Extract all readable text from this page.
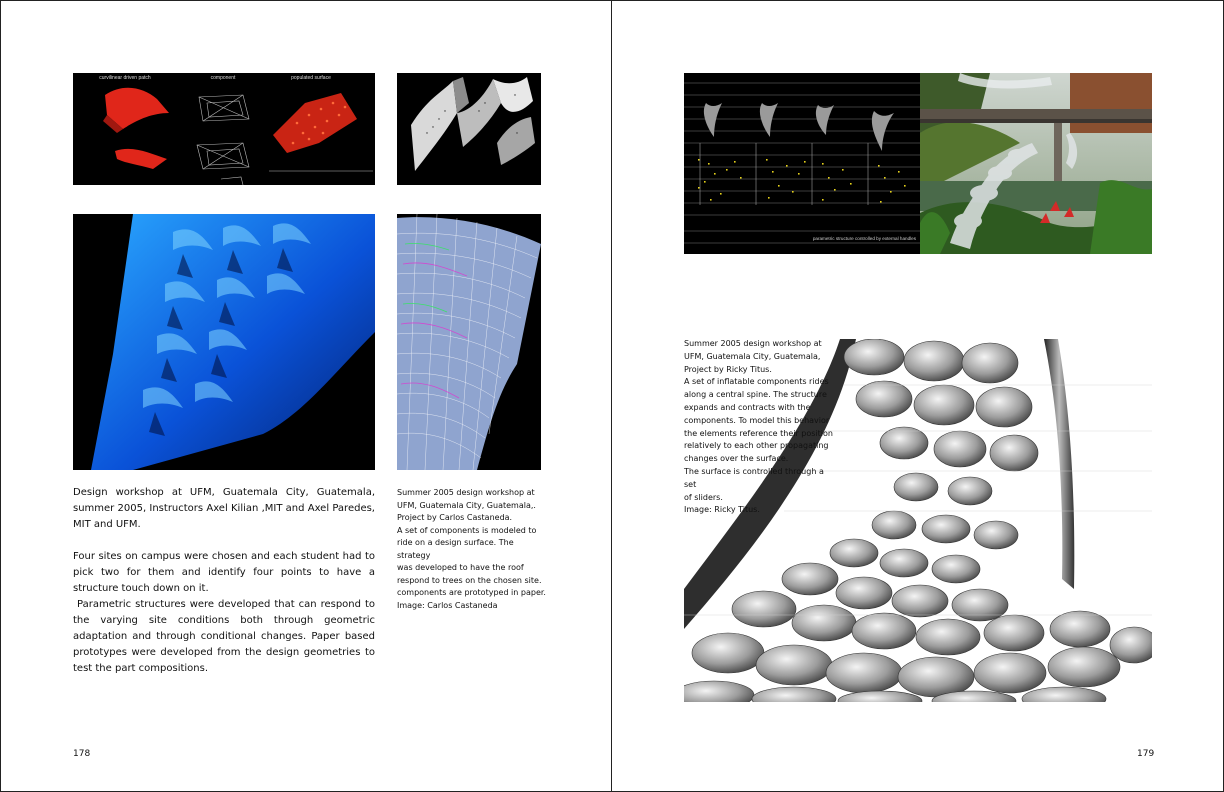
curvilinear driven patch	component	populated surface

Design workshop at UFM, Guatemala City, Guatemala, summer 2005, Instructors Axel Kilian ,MIT and Axel Paredes, MIT and UFM.

Four sites on campus were chosen and each student had to pick two for them and identify four points to have a structure touch down on it.

Parametric structures were developed that can respond to the varying site conditions both through geometric adaptation and through conditional changes. Paper based prototypes were developed from the design geometries to test the part compositions.

Summer 2005 design workshop at

UFM, Guatemala City, Guatemala,.

Project by Carlos Castaneda.

A set of components is modeled to

ride on a design surface. The strategy

was developed to have the roof

respond to trees on the chosen site.

components are prototyped in paper.

Image: Carlos Castaneda

178
parametric structure controlled by external handles

Summer 2005 design workshop at

UFM, Guatemala City, Guatemala,

Project by Ricky Titus.

A set of inflatable components rides

along a central spine. The structure

expands and contracts with the

components. To model this behavior

the elements reference their position

relatively to each other propagating

changes over the surface.

The surface is controlled through a set

of sliders.

Image: Ricky Titus.

179
